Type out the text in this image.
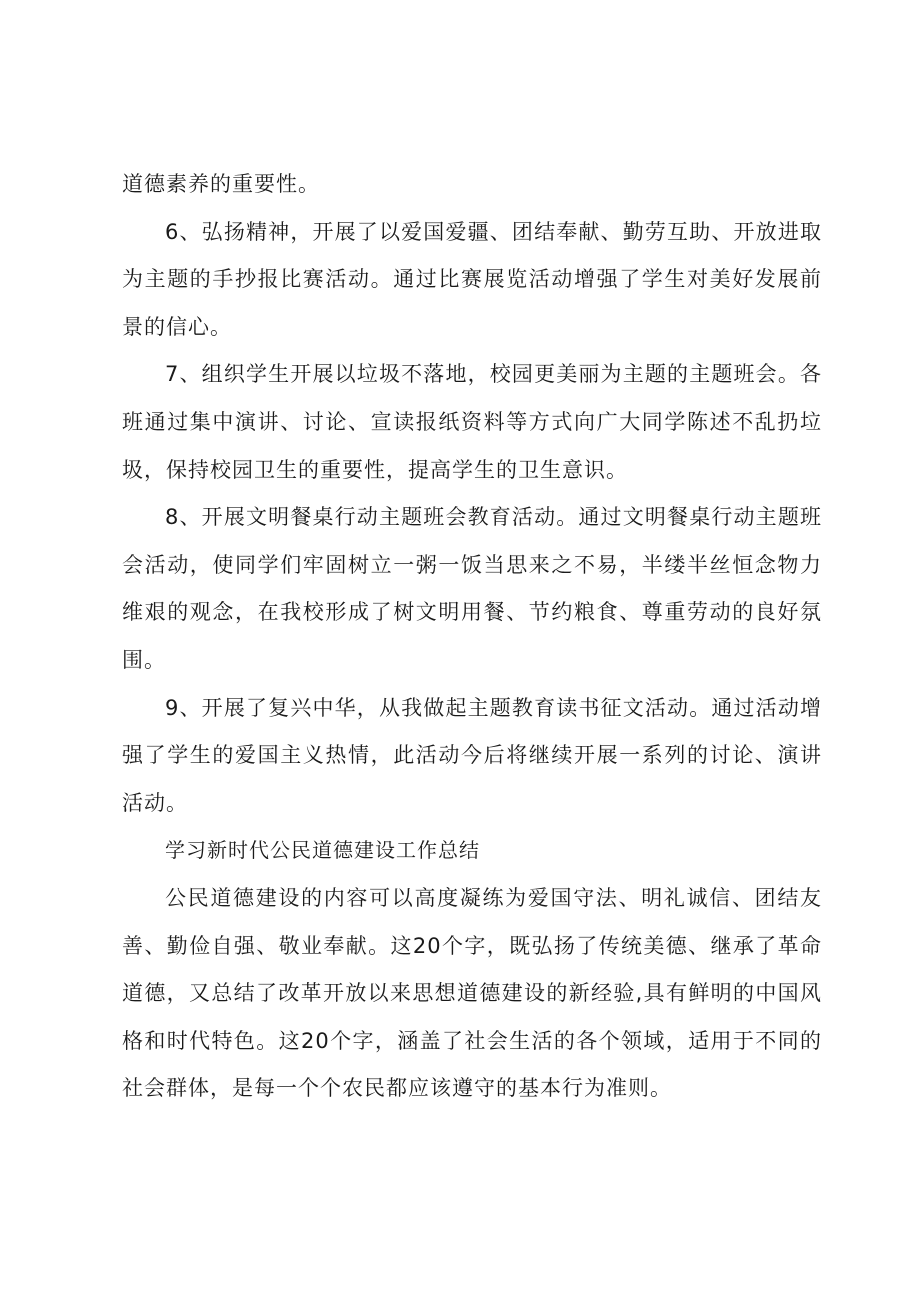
道德素养的重要性。

6、弘扬精神，开展了以爱国爱疆、团结奉献、勤劳互助、开放进取为主题的手抄报比赛活动。通过比赛展览活动增强了学生对美好发展前景的信心。

7、组织学生开展以垃圾不落地，校园更美丽为主题的主题班会。各班通过集中演讲、讨论、宣读报纸资料等方式向广大同学陈述不乱扔垃圾，保持校园卫生的重要性，提高学生的卫生意识。

8、开展文明餐桌行动主题班会教育活动。通过文明餐桌行动主题班会活动，使同学们牢固树立一粥一饭当思来之不易，半缕半丝恒念物力维艰的观念，在我校形成了树文明用餐、节约粮食、尊重劳动的良好氛围。

9、开展了复兴中华，从我做起主题教育读书征文活动。通过活动增强了学生的爱国主义热情，此活动今后将继续开展一系列的讨论、演讲活动。

学习新时代公民道德建设工作总结

公民道德建设的内容可以高度凝练为爱国守法、明礼诚信、团结友善、勤俭自强、敬业奉献。这20个字，既弘扬了传统美德、继承了革命道德，又总结了改革开放以来思想道德建设的新经验,具有鲜明的中国风格和时代特色。这20个字，涵盖了社会生活的各个领域，适用于不同的社会群体，是每一个个农民都应该遵守的基本行为准则。
